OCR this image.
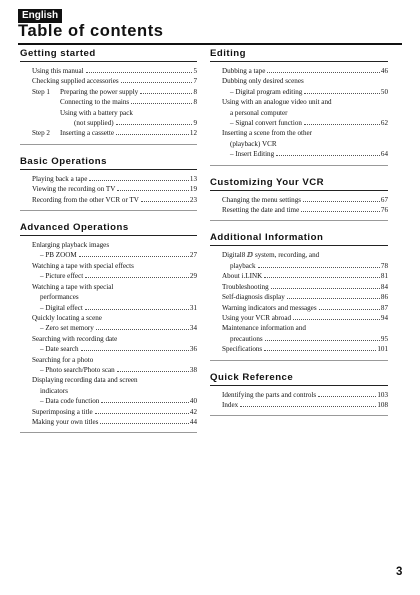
English
Table of contents
Getting started
Using this manual	5
Checking supplied accessories	7
Step 1	Preparing the power supply	8
Connecting to the mains	8
Using with a battery pack
(not supplied)	9
Step 2	Inserting a cassette	12
Basic Operations
Playing back a tape	13
Viewing the recording on TV	19
Recording from the other VCR or TV	23
Advanced Operations
Enlarging playback images
– PB ZOOM	27
Watching a tape with special effects
– Picture effect	29
Watching a tape with special
performances
– Digital effect	31
Quickly locating a scene
– Zero set memory	34
Searching with recording date
– Date search	36
Searching for a photo
– Photo search/Photo scan	38
Displaying recording data and screen
indicators
– Data code function	40
Superimposing a title	42
Making your own titles	44
Editing
Dubbing a tape	46
Dubbing only desired scenes
– Digital program editing	50
Using with an analogue video unit and
a personal computer
– Signal convert function	62
Inserting a scene from the other
(playback) VCR
– Insert Editing	64
Customizing Your VCR
Changing the menu settings	67
Resetting the date and time	76
Additional Information
Digital8 ⅅ system, recording, and
playback	78
About i.LINK	81
Troubleshooting	84
Self-diagnosis display	86
Warning indicators and messages	87
Using your VCR abroad	94
Maintenance information and
precautions	95
Specifications	101
Quick Reference
Identifying the parts and controls	103
Index	108
3
